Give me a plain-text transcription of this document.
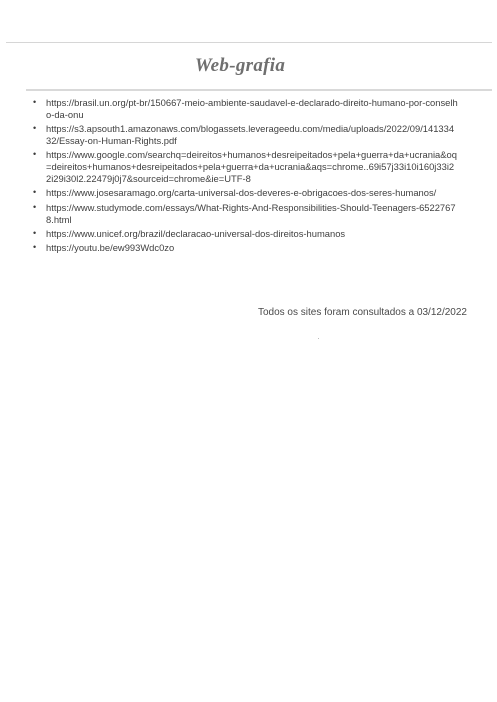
Web-grafia
• https://brasil.un.org/pt-br/150667-meio-ambiente-saudavel-e-declarado-direito-humano-por-conselho-da-onu
• https://s3.apsouth1.amazonaws.com/blogassets.leverageedu.com/media/uploads/2022/09/14133432/Essay-on-Human-Rights.pdf
• https://www.google.com/searchq=deireitos+humanos+desreipeitados+pela+guerra+da+ucrania&oq=deireitos+humanos+desreipeitados+pela+guerra+da+ucrania&aqs=chrome..69i57j33i10i160j33i22i29i30l2.22479j0j7&sourceid=chrome&ie=UTF-8
• https://www.josesaramago.org/carta-universal-dos-deveres-e-obrigacoes-dos-seres-humanos/
• https://www.studymode.com/essays/What-Rights-And-Responsibilities-Should-Teenagers-65227678.html
• https://www.unicef.org/brazil/declaracao-universal-dos-direitos-humanos
• https://youtu.be/ew993Wdc0zo
Todos os sites foram consultados a 03/12/2022
